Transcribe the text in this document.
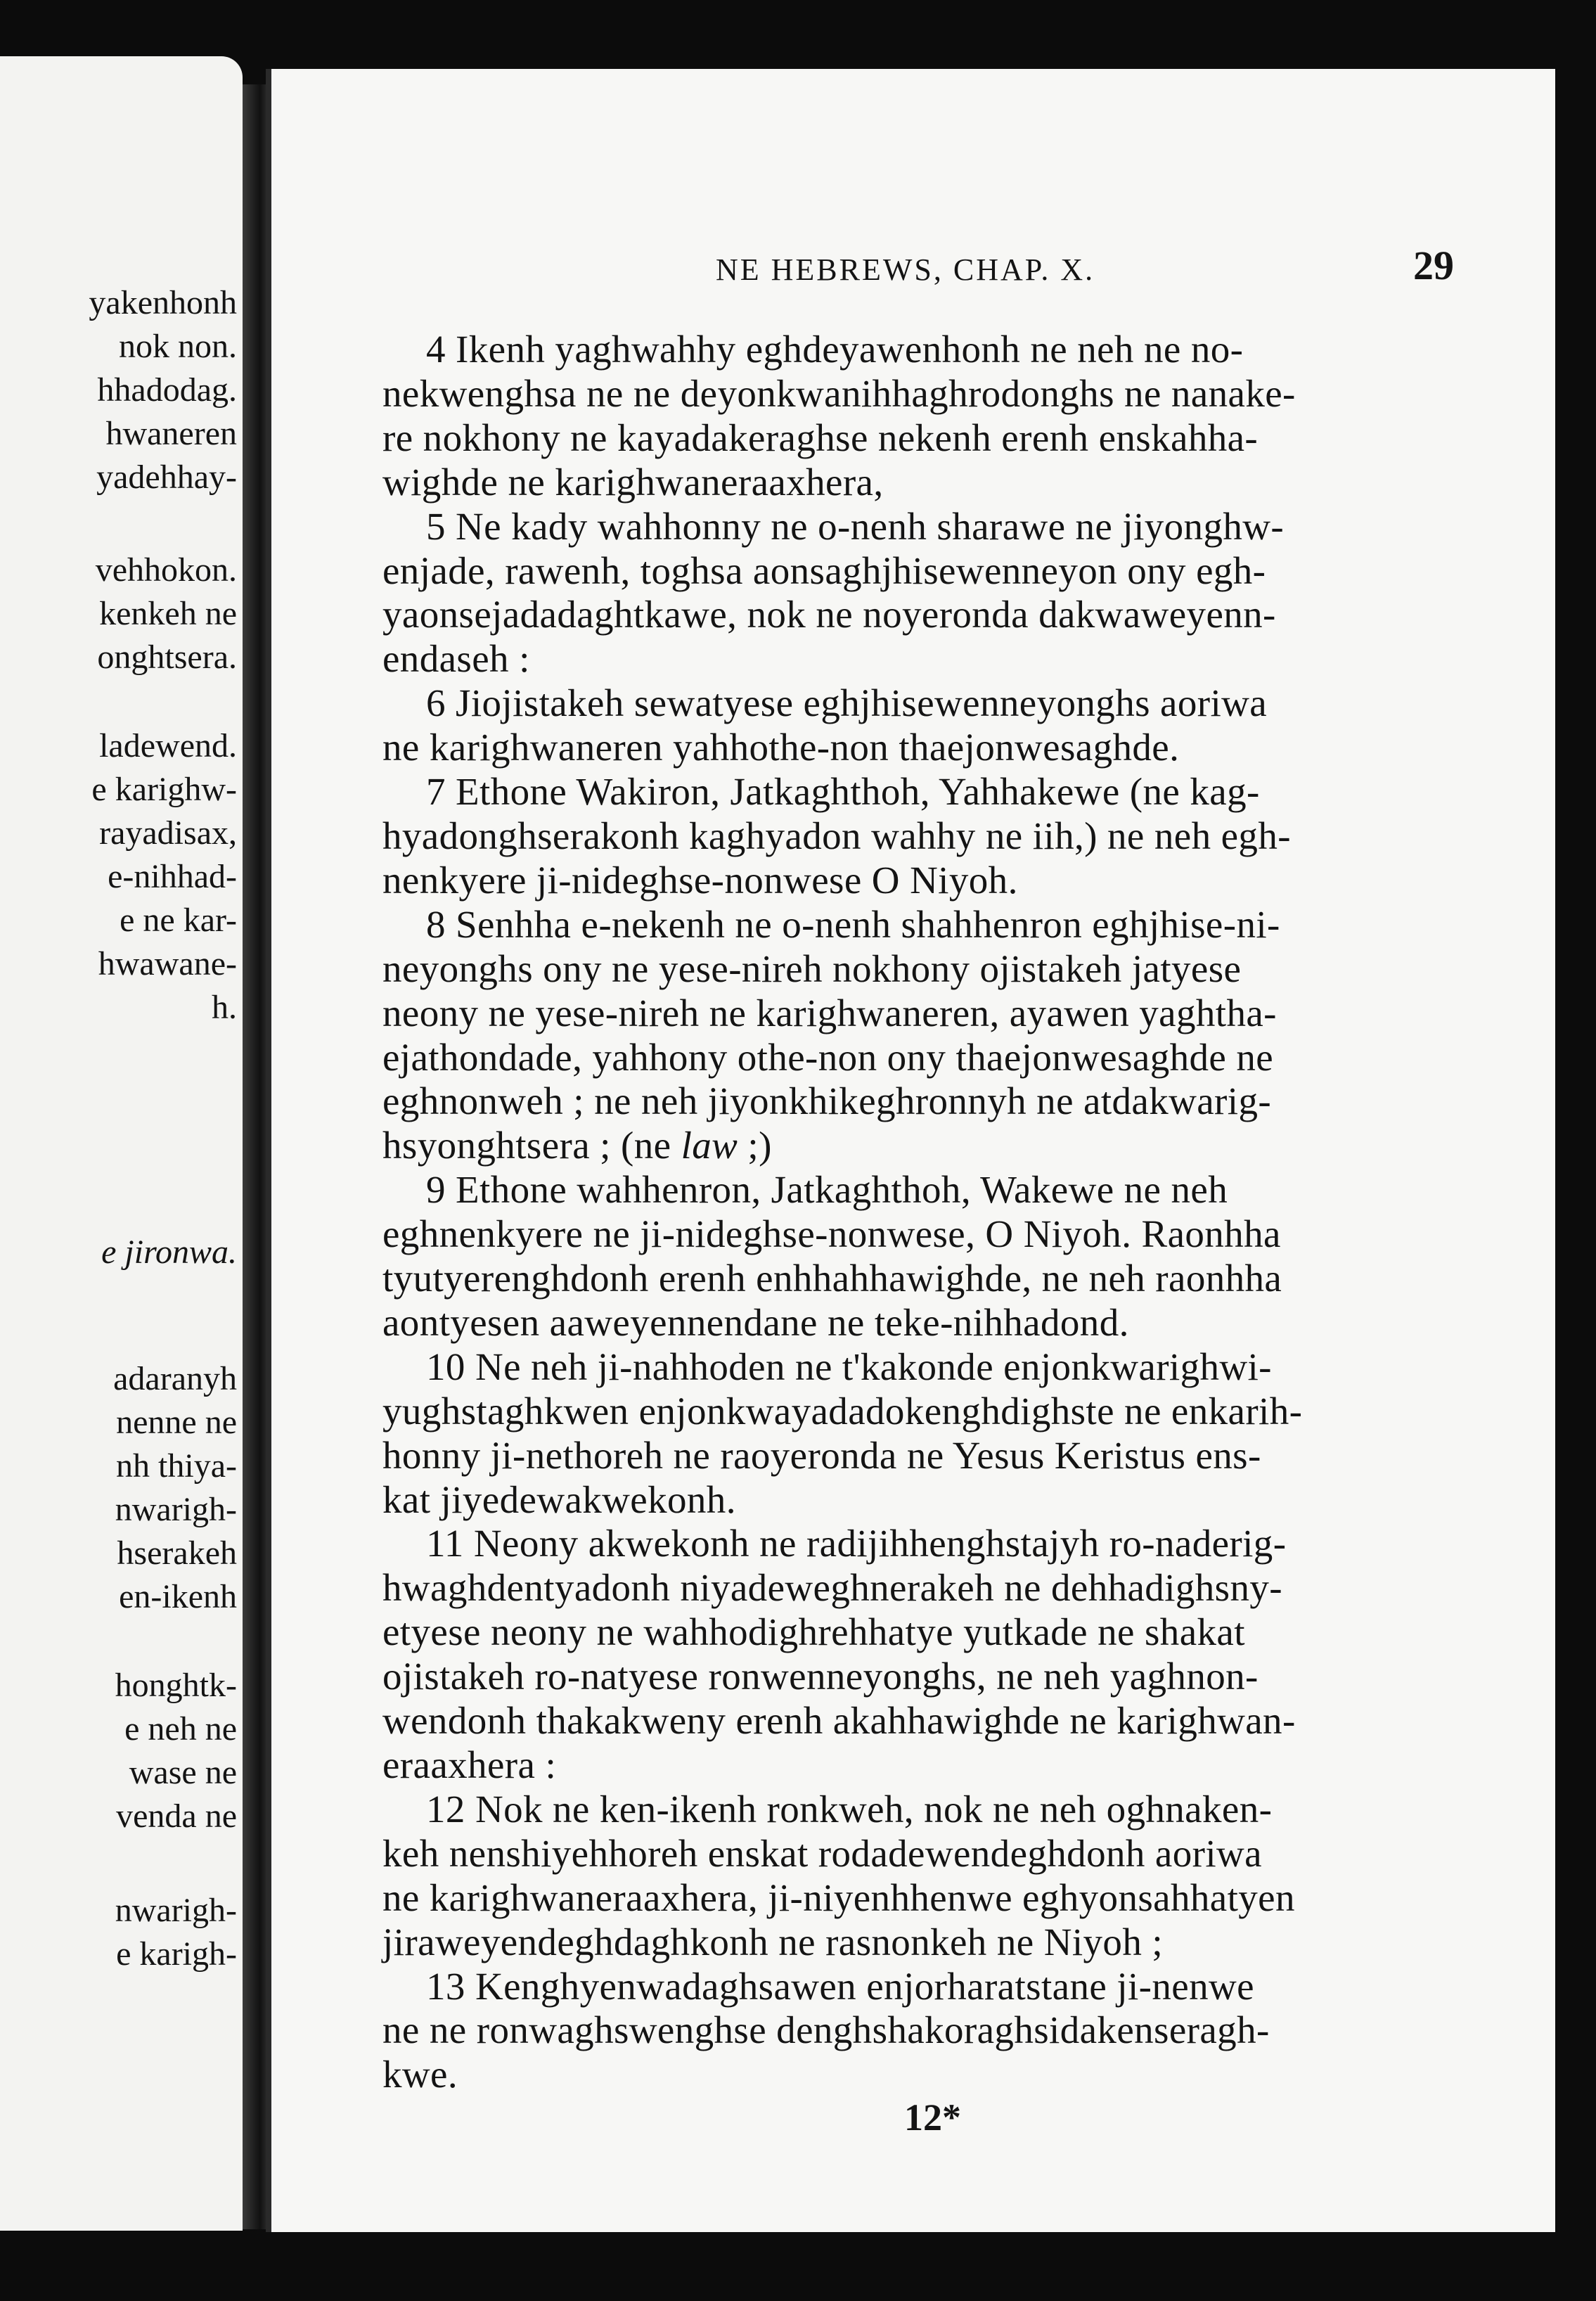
yakenhonh
nok non.
hhadodag.
hwaneren
yadehhay-
vehhokon.
kenkeh ne
onghtsera.
ladewend.
e karighw-
rayadisax,
e-nihhad-
e ne kar-
hwawane-
h.
e jironwa.
adaranyh
nenne ne
nh thiya-
nwarigh-
hserakeh
en-ikenh
honghtk-
e neh ne
wase ne
venda ne
nwarigh-
e karigh-
NE HEBREWS, CHAP. X.	29
4 Ikenh yaghwahhy eghdeyawenhonh ne neh ne no-
nekwenghsa ne ne deyonkwanihhaghrodonghs ne nanake-
re nokhony ne kayadakeraghse nekenh erenh enskahha-
wighde ne karighwaneraaxhera,
5 Ne kady wahhonny ne o-nenh sharawe ne jiyonghw-
enjade, rawenh, toghsa aonsaghjhisewenneyon ony egh-
yaonsejadadaghtkawe, nok ne noyeronda dakwaweyenn-
endaseh :
6 Jiojistakeh sewatyese eghjhisewenneyonghs aoriwa
ne karighwaneren yahhothe-non thaejonwesaghde.
7 Ethone Wakiron, Jatkaghthoh, Yahhakewe (ne kag-
hyadonghserakonh kaghyadon wahhy ne iih,) ne neh egh-
nenkyere ji-nideghse-nonwese O Niyoh.
8 Senhha e-nekenh ne o-nenh shahhenron eghjhise-ni-
neyonghs ony ne yese-nireh nokhony ojistakeh jatyese
neony ne yese-nireh ne karighwaneren, ayawen yaghtha-
ejathondade, yahhony othe-non ony thaejonwesaghde ne
eghnonweh ; ne neh jiyonkhikeghronnyh ne atdakwarig-
hsyonghtsera ; (ne law ;)
9 Ethone wahhenron, Jatkaghthoh, Wakewe ne neh
eghnenkyere ne ji-nideghse-nonwese, O Niyoh. Raonhha
tyutyerenghdonh erenh enhhahhawighde, ne neh raonhha
aontyesen aaweyennendane ne teke-nihhadond.
10 Ne neh ji-nahhoden ne t'kakonde enjonkwarighwi-
yughstaghkwen enjonkwayadadokenghdighste ne enkarih-
honny ji-nethoreh ne raoyeronda ne Yesus Keristus ens-
kat jiyedewakwekonh.
11 Neony akwekonh ne radijihhenghstajyh ro-naderig-
hwaghdentyadonh niyadeweghnerakeh ne dehhadighsny-
etyese neony ne wahhodighrehhatye yutkade ne shakat
ojistakeh ro-natyese ronwenneyonghs, ne neh yaghnon-
wendonh thakakweny erenh akahhawighde ne karighwan-
eraaxhera :
12 Nok ne ken-ikenh ronkweh, nok ne neh oghnaken-
keh nenshiyehhoreh enskat rodadewendeghdonh aoriwa
ne karighwaneraaxhera, ji-niyenhhenwe eghyonsahhatyen
jiraweyendeghdaghkonh ne rasnonkeh ne Niyoh ;
13 Kenghyenwadaghsawen enjorharatstane ji-nenwe
ne ne ronwaghswenghse denghshakoraghsidakenseragh-
kwe.
12*
